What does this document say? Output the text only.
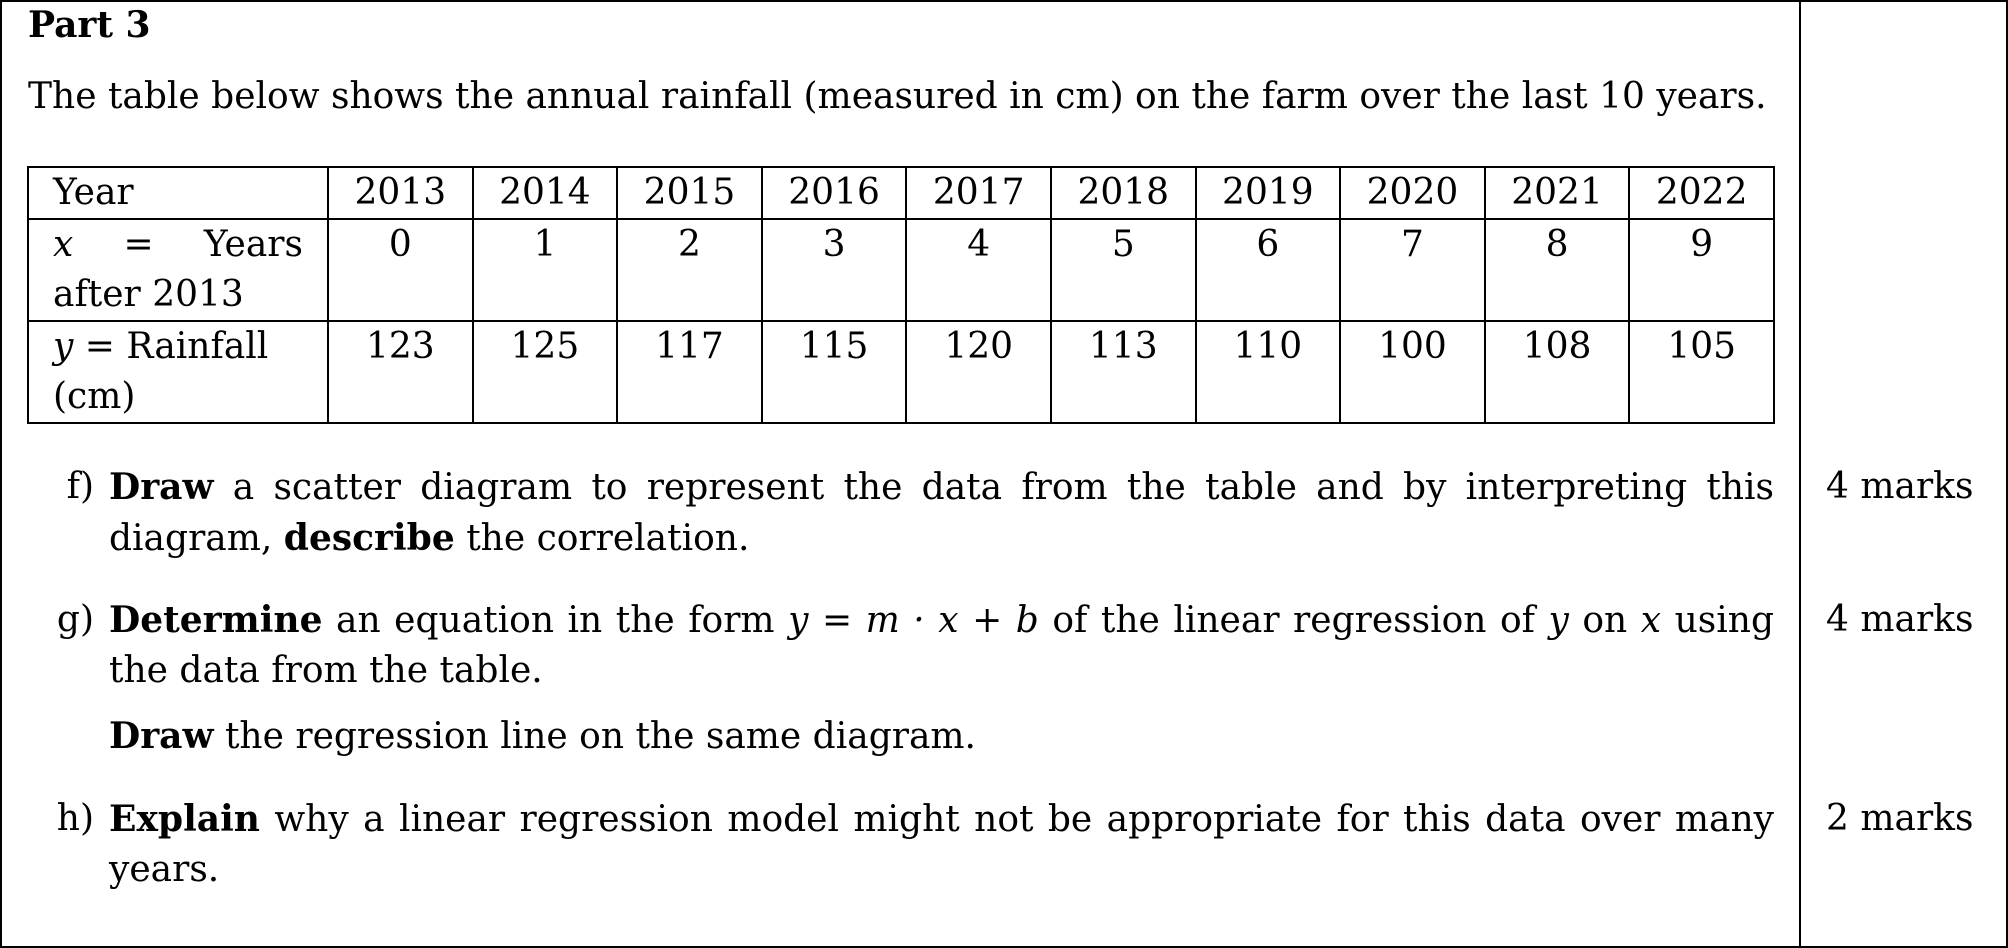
Part 3
The table below shows the annual rainfall (measured in cm) on the farm over the last 10 years.
Year	2013	2014	2015	2016	2017	2018	2019	2020	2021	2022

x = Years
after 2013	0	1	2	3	4	5	6	7	8	9

y = Rainfall
(cm)	123	125	117	115	120	113	110	100	108	105
f) Draw a scatter diagram to represent the data from the table and by interpreting this diagram, describe the correlation.
4 marks
g) Determine an equation in the form y = m · x + b of the linear regression of y on x using the data from the table.
Draw the regression line on the same diagram.
4 marks
h) Explain why a linear regression model might not be appropriate for this data over many years.
2 marks
